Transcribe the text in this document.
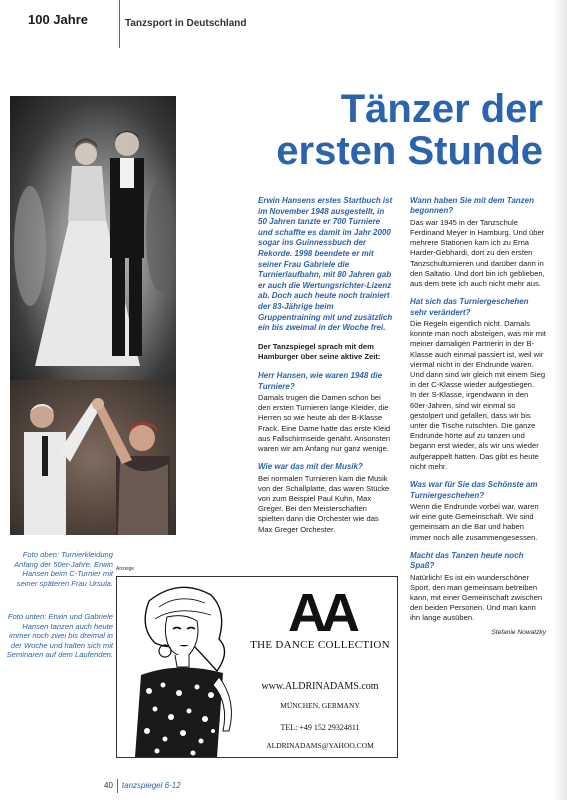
100 Jahre	Tanzsport in Deutschland
Tänzer der
ersten Stunde
Foto oben: Turnierkleidung Anfang der 50er-Jahre. Erwin Hansen beim C-Turnier mit seiner späteren Frau Ursula.
Foto unten: Erwin und Gabriele Hansen tanzen auch heute immer noch zwei bis dreimal in der Woche und halten sich mit Seminaren auf dem Laufenden.

Erwin Hansens erstes Startbuch ist im November 1948 ausgestellt, in 50 Jahren tanzte er 700 Turniere und schaffte es damit im Jahr 2000 sogar ins Guinnessbuch der Rekorde. 1998 beendete er mit seiner Frau Gabriele die Turnierlaufbahn, mit 80 Jahren gab er auch die Wertungsrichter-Lizenz ab. Doch auch heute noch trainiert der 83-Jährige beim Gruppentraining mit und zusätzlich ein bis zweimal in der Woche frei.

Der Tanzspiegel sprach mit dem Hamburger über seine aktive Zeit:

Herr Hansen, wie waren 1948 die Turniere?

Damals trugen die Damen schon bei den ersten Turnieren lange Kleider, die Herren so wie heute ab der B-Klasse Frack. Eine Dame hatte das erste Kleid aus Fallschirmseide genäht. Ansonsten waren wir am Anfang nur ganz wenige.

Wie war das mit der Musik?

Bei normalen Turnieren kam die Musik von der Schallplatte, das waren Stücke von zum Beispiel Paul Kuhn, Max Greger. Bei den Meisterschaften spielten dann die Orchester wie das Max Greger Orchester.

Wann haben Sie mit dem Tanzen begonnen?

Das war 1945 in der Tanzschule Ferdinand Meyer in Hamburg. Und über mehrere Stationen kam ich zu Erna Harder-Gebhardi, dort zu den ersten Tanzschulturnieren und darüber dann in den Saltatio. Und dort bin ich geblieben, aus dem trete ich auch nicht mehr aus.

Hat sich das Turniergeschehen sehr verändert?

Die Regeln eigentlich nicht. Damals konnte man noch absteigen, was mir mit meiner damaligen Partnerin in der B-Klasse auch einmal passiert ist, weil wir viermal nicht in der Endrunde waren. Und dann sind wir gleich mit einem Sieg in der C-Klasse wieder aufgestiegen.

In der S-Klasse, irgendwann in den 60er-Jahren, sind wir einmal so gestolpert und gefallen, dass wir bis unter die Tische rutschten. Die ganze Endrunde hörte auf zu tanzen und begann erst wieder, als wir uns wieder aufgerappelt hatten. Das gibt es heute nicht mehr.

Was war für Sie das Schönste am Turniergeschehen?

Wenn die Endrunde vorbei war, waren wir eine gute Gemeinschaft. Wir sind gemeinsam an die Bar und haben immer noch alle zusammengesessen.

Macht das Tanzen heute noch Spaß?

Natürlich! Es ist ein wunderschöner Sport, den man gemeinsam betreiben kann, mit einer Gemeinschaft zwischen den beiden Personen. Und man kann ihn lange ausüben.

Stefanie Nowatzky

Anzeige
AA
THE DANCE COLLECTION
www.ALDRINADAMS.com
MÜNCHEN, GERMANY
TEL: +49 152 29324811
ALDRINADAMS@YAHOO.COM
40 tanzspiegel 6-12
